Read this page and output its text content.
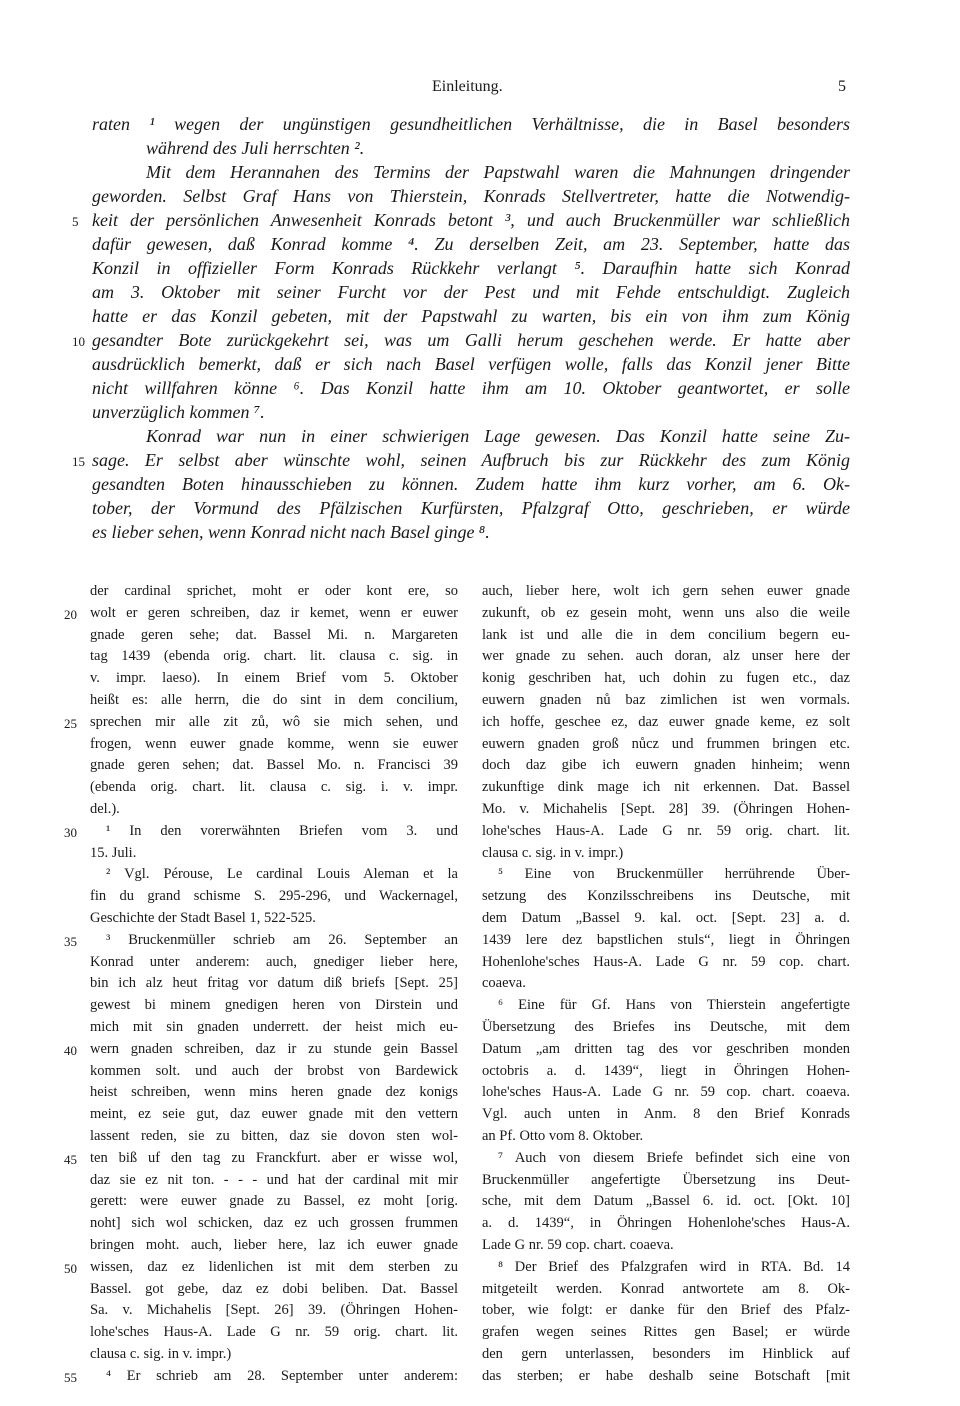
Einleitung.	5
raten ¹ wegen der ungünstigen gesundheitlichen Verhältnisse, die in Basel besonders
während des Juli herrschten ².
Mit dem Herannahen des Termins der Papstwahl waren die Mahnungen dringender
geworden. Selbst Graf Hans von Thierstein, Konrads Stellvertreter, hatte die Notwendig-
keit der persönlichen Anwesenheit Konrads betont ³, und auch Bruckenmüller war schließlich
dafür gewesen, daß Konrad komme ⁴. Zu derselben Zeit, am 23. September, hatte das
Konzil in offizieller Form Konrads Rückkehr verlangt ⁵. Daraufhin hatte sich Konrad
am 3. Oktober mit seiner Furcht vor der Pest und mit Fehde entschuldigt. Zugleich
hatte er das Konzil gebeten, mit der Papstwahl zu warten, bis ein von ihm zum König
gesandter Bote zurückgekehrt sei, was um Galli herum geschehen werde. Er hatte aber
ausdrücklich bemerkt, daß er sich nach Basel verfügen wolle, falls das Konzil jener Bitte
nicht willfahren könne ⁶. Das Konzil hatte ihm am 10. Oktober geantwortet, er solle
unverzüglich kommen ⁷.
Konrad war nun in einer schwierigen Lage gewesen. Das Konzil hatte seine Zu-
sage. Er selbst aber wünschte wohl, seinen Aufbruch bis zur Rückkehr des zum König
gesandten Boten hinausschieben zu können. Zudem hatte ihm kurz vorher, am 6. Ok-
tober, der Vormund des Pfälzischen Kurfürsten, Pfalzgraf Otto, geschrieben, er würde
es lieber sehen, wenn Konrad nicht nach Basel ginge ⁸.
5
10
15
der cardinal sprichet, moht er oder kont ere, so
wolt er geren schreiben, daz ir kemet, wenn er euwer
gnade geren sehe; dat. Bassel Mi. n. Margareten
tag 1439 (ebenda orig. chart. lit. clausa c. sig. in
v. impr. laeso). In einem Brief vom 5. Oktober
heißt es: alle herrn, die do sint in dem concilium,
sprechen mir alle zit zů, wô sie mich sehen, und
frogen, wenn euwer gnade komme, wenn sie euwer
gnade geren sehen; dat. Bassel Mo. n. Francisci 39
(ebenda orig. chart. lit. clausa c. sig. i. v. impr.
del.).
¹ In den vorerwähnten Briefen vom 3. und
15. Juli.
² Vgl. Pérouse, Le cardinal Louis Aleman et la
fin du grand schisme S. 295-296, und Wackernagel,
Geschichte der Stadt Basel 1, 522-525.
³ Bruckenmüller schrieb am 26. September an
Konrad unter anderem: auch, gnediger lieber here,
bin ich alz heut fritag vor datum diß briefs [Sept. 25]
gewest bi minem gnedigen heren von Dirstein und
mich mit sin gnaden underrett. der heist mich eu-
wern gnaden schreiben, daz ir zu stunde gein Bassel
kommen solt. und auch der brobst von Bardewick
heist schreiben, wenn mins heren gnade dez konigs
meint, ez seie gut, daz euwer gnade mit den vettern
lassent reden, sie zu bitten, daz sie dovon sten wol-
ten biß uf den tag zu Franckfurt. aber er wisse wol,
daz sie ez nit ton. - - - und hat der cardinal mit mir
gerett: were euwer gnade zu Bassel, ez moht [orig.
noht] sich wol schicken, daz ez uch grossen frummen
bringen moht. auch, lieber here, laz ich euwer gnade
wissen, daz ez lidenlichen ist mit dem sterben zu
Bassel. got gebe, daz ez dobi beliben. Dat. Bassel
Sa. v. Michahelis [Sept. 26] 39. (Öhringen Hohen-
lohe'sches Haus-A. Lade G nr. 59 orig. chart. lit.
clausa c. sig. in v. impr.)
⁴ Er schrieb am 28. September unter anderem:
auch, lieber here, wolt ich gern sehen euwer gnade
zukunft, ob ez gesein moht, wenn uns also die weile
lank ist und alle die in dem concilium begern eu-
wer gnade zu sehen. auch doran, alz unser here der
konig geschriben hat, uch dohin zu fugen etc., daz
euwern gnaden nů baz zimlichen ist wen vormals.
ich hoffe, geschee ez, daz euwer gnade keme, ez solt
euwern gnaden groß nůcz und frummen bringen etc.
doch daz gibe ich euwern gnaden hinheim; wenn
zukunftige dink mage ich nit erkennen. Dat. Bassel
Mo. v. Michahelis [Sept. 28] 39. (Öhringen Hohen-
lohe'sches Haus-A. Lade G nr. 59 orig. chart. lit.
clausa c. sig. in v. impr.)
⁵ Eine von Bruckenmüller herrührende Über-
setzung des Konzilsschreibens ins Deutsche, mit
dem Datum „Bassel 9. kal. oct. [Sept. 23] a. d.
1439 lere dez bapstlichen stuls“, liegt in Öhringen
Hohenlohe'sches Haus-A. Lade G nr. 59 cop. chart.
coaeva.
⁶ Eine für Gf. Hans von Thierstein angefertigte
Übersetzung des Briefes ins Deutsche, mit dem
Datum „am dritten tag des vor geschriben monden
octobris a. d. 1439“, liegt in Öhringen Hohen-
lohe'sches Haus-A. Lade G nr. 59 cop. chart. coaeva.
Vgl. auch unten in Anm. 8 den Brief Konrads
an Pf. Otto vom 8. Oktober.
⁷ Auch von diesem Briefe befindet sich eine von
Bruckenmüller angefertigte Übersetzung ins Deut-
sche, mit dem Datum „Bassel 6. id. oct. [Okt. 10]
a. d. 1439“, in Öhringen Hohenlohe'sches Haus-A.
Lade G nr. 59 cop. chart. coaeva.
⁸ Der Brief des Pfalzgrafen wird in RTA. Bd. 14
mitgeteilt werden. Konrad antwortete am 8. Ok-
tober, wie folgt: er danke für den Brief des Pfalz-
grafen wegen seines Rittes gen Basel; er würde
den gern unterlassen, besonders im Hinblick auf
das sterben; er habe deshalb seine Botschaft [mit
20
25
30
35
40
45
50
55
